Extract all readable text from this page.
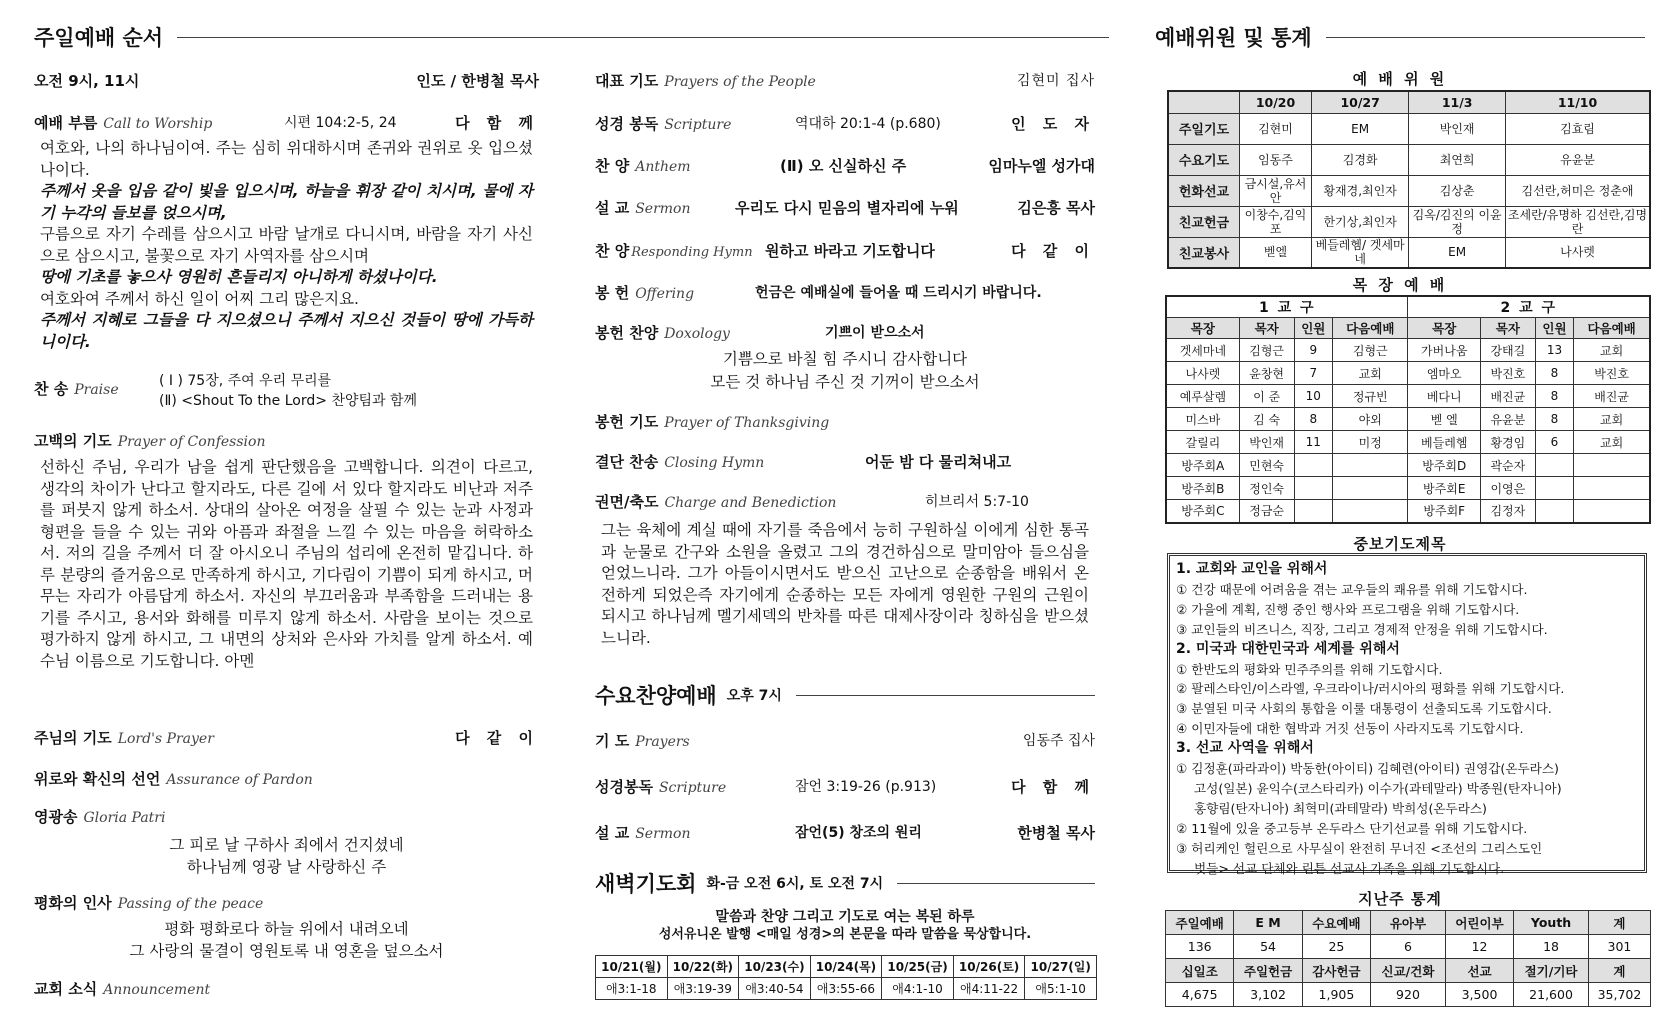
주일예배 순서
오전 9시, 11시	인도 / 한병철 목사
예배 부름 Call to Worship	시편 104:2-5, 24	다 함 께

여호와, 나의 하나님이여. 주는 심히 위대하시며 존귀와 권위로 옷 입으셨나이다.

주께서 옷을 입음 같이 빛을 입으시며, 하늘을 휘장 같이 치시며, 물에 자기 누각의 들보를 얹으시며,

구름으로 자기 수레를 삼으시고 바람 날개로 다니시며, 바람을 자기 사신으로 삼으시고, 불꽃으로 자기 사역자를 삼으시며

땅에 기초를 놓으사 영원히 흔들리지 아니하게 하셨나이다.

여호와여 주께서 하신 일이 어찌 그리 많은지요.

주께서 지혜로 그들을 다 지으셨으니 주께서 지으신 것들이 땅에 가득하니이다.

찬 송 Praise
( I ) 75장, 주여 우리 무리를
(Ⅱ) <Shout To the Lord> 찬양팀과 함께
고백의 기도 Prayer of Confession

선하신 주님, 우리가 남을 쉽게 판단했음을 고백합니다. 의견이 다르고, 생각의 차이가 난다고 할지라도, 다른 길에 서 있다 할지라도 비난과 저주를 퍼붓지 않게 하소서. 상대의 살아온 여정을 살필 수 있는 눈과 사정과 형편을 들을 수 있는 귀와 아픔과 좌절을 느낄 수 있는 마음을 허락하소서. 저의 길을 주께서 더 잘 아시오니 주님의 섭리에 온전히 맡깁니다. 하루 분량의 즐거움으로 만족하게 하시고, 기다림이 기쁨이 되게 하시고, 머무는 자리가 아름답게 하소서. 자신의 부끄러움과 부족함을 드러내는 용기를 주시고, 용서와 화해를 미루지 않게 하소서. 사람을 보이는 것으로 평가하지 않게 하시고, 그 내면의 상처와 은사와 가치를 알게 하소서. 예수님 이름으로 기도합니다. 아멘

주님의 기도 Lord's Prayer	다 같 이
위로와 확신의 선언 Assurance of Pardon
영광송 Gloria Patri
그 피로 날 구하사 죄에서 건지셨네
하나님께 영광 날 사랑하신 주
평화의 인사 Passing of the peace
평화 평화로다 하늘 위에서 내려오네
그 사랑의 물결이 영원토록 내 영혼을 덮으소서
교회 소식 Announcement
대표 기도 Prayers of the People	김현미 집사
성경 봉독 Scripture	역대하 20:1-4 (p.680)	인 도 자
찬 양 Anthem	(Ⅱ) 오 신실하신 주	임마누엘 성가대
설 교 Sermon	우리도 다시 믿음의 별자리에 누워	김은흥 목사
찬 양 Responding Hymn 원하고 바라고 기도합니다	다 같 이
봉 헌 Offering	헌금은 예배실에 들어올 때 드리시기 바랍니다.
봉헌 찬양 Doxology	기쁘이 받으소서
기쁨으로 바칠 힘 주시니 감사합니다
모든 것 하나님 주신 것 기꺼이 받으소서
봉헌 기도 Prayer of Thanksgiving
결단 찬송 Closing Hymn	어둔 밤 다 물리쳐내고
권면/축도 Charge and Benediction	히브리서 5:7-10

그는 육체에 계실 때에 자기를 죽음에서 능히 구원하실 이에게 심한 통곡과 눈물로 간구와 소원을 올렸고 그의 경건하심으로 말미암아 들으심을 얻었느니라. 그가 아들이시면서도 받으신 고난으로 순종함을 배워서 온전하게 되었은즉 자기에게 순종하는 모든 자에게 영원한 구원의 근원이 되시고 하나님께 멜기세덱의 반차를 따른 대제사장이라 칭하심을 받으셨느니라.

수요찬양예배 오후 7시
기 도 Prayers	임동주 집사
성경봉독 Scripture	잠언 3:19-26 (p.913)	다 함 께
설 교 Sermon	잠언(5) 창조의 원리	한병철 목사
새벽기도회 화-금 오전 6시, 토 오전 7시
말씀과 찬양 그리고 기도로 여는 복된 하루
성서유니온 발행 <매일 성경>의 본문을 따라 말씀을 묵상합니다.
10/21(월)	10/22(화)	10/23(수)	10/24(목)	10/25(금)	10/26(토)	10/27(일)
애3:1-18	애3:19-39	애3:40-54	애3:55-66	애4:1-10	애4:11-22	애5:1-10
예배위원 및 통계
예 배 위 원
	10/20	10/27	11/3	11/10
주일기도	김현미	EM	박인재	김효림
수요기도	임동주	김경화	최연희	유윤분
헌화선교	금시설,유서안	황재경,최인자	김상춘	김선란,허미은 정춘애
친교헌금	이창수,김익포	한기상,최인자	김옥/김진의 이윤정	조세란/유명하 김선란,김명란
친교봉사	벧엘	베들레헴/ 겟세마네	EM	나사렛
목 장 예 배
1 교 구				2 교 구			
목장	목자	인원	다음예배	목장	목자	인원	다음예배
겟세마네	김형근	9	김형근	가버나움	강태길	13	교회
나사렛	윤창현	7	교회	엠마오	박진호	8	박진호
예루살렘	이 준	10	정규빈	베다니	배진균	8	배진균
미스바	김 숙	8	야외	벧 엘	유윤분	8	교회
갈릴리	박인재	11	미정	베들레헴	황경임	6	교회
방주회A	민현숙			방주회D	곽순자		
방주회B	정인숙			방주회E	이영은		
방주회C	정금순			방주회F	김정자		
중보기도제목
1. 교회와 교인을 위해서
① 건강 때문에 어려움을 겪는 교우들의 쾌유를 위해 기도합시다.
② 가을에 계획, 진행 중인 행사와 프로그램을 위해 기도합시다.
③ 교인들의 비즈니스, 직장, 그리고 경제적 안정을 위해 기도합시다.
2. 미국과 대한민국과 세계를 위해서
① 한반도의 평화와 민주주의를 위해 기도합시다.
② 팔레스타인/이스라엘, 우크라이나/러시아의 평화를 위해 기도합시다.
③ 분열된 미국 사회의 통합을 이룰 대통령이 선출되도록 기도합시다.
④ 이민자들에 대한 협박과 거짓 선동이 사라지도록 기도합시다.
3. 선교 사역을 위해서
① 김정훈(파라과이) 박동한(아이티) 김혜련(아이티) 권영갑(온두라스)
고성(일본) 윤익수(코스타리카) 이수가(과테말라) 박종원(탄자니아)
홍향림(탄자니아) 최혁미(과테말라) 박희성(온두라스)
② 11월에 있을 중고등부 온두라스 단기선교를 위해 기도합시다.
③ 허리케인 헐린으로 사무실이 완전히 무너진 <조선의 그리스도인
벗들> 선교 단체와 린튼 선교사 가족을 위해 기도합시다.
지난주 통계
주일예배	E M	수요예배	유아부	어린이부	Youth	계
136	54	25	6	12	18	301
십일조	주일헌금	감사헌금	신교/건화	선교	절기/기타	계
4,675	3,102	1,905	920	3,500	21,600	35,702
